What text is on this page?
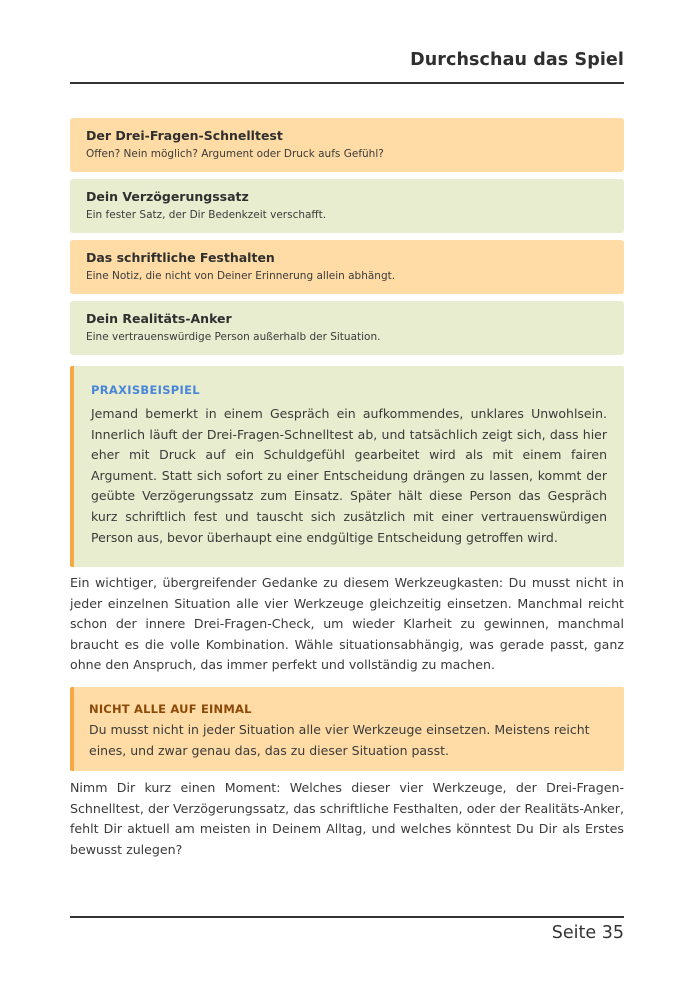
Durchschau das Spiel
Der Drei-Fragen-Schnelltest
Offen? Nein möglich? Argument oder Druck aufs Gefühl?
Dein Verzögerungssatz
Ein fester Satz, der Dir Bedenkzeit verschafft.
Das schriftliche Festhalten
Eine Notiz, die nicht von Deiner Erinnerung allein abhängt.
Dein Realitäts-Anker
Eine vertrauenswürdige Person außerhalb der Situation.
PRAXISBEISPIEL
Jemand bemerkt in einem Gespräch ein aufkommendes, unklares Unwohlsein. Innerlich läuft der Drei-Fragen-Schnelltest ab, und tatsächlich zeigt sich, dass hier eher mit Druck auf ein Schuldgefühl gearbeitet wird als mit einem fairen Argument. Statt sich sofort zu einer Entscheidung drängen zu lassen, kommt der geübte Verzögerungssatz zum Einsatz. Später hält diese Person das Gespräch kurz schriftlich fest und tauscht sich zusätzlich mit einer vertrauenswürdigen Person aus, bevor überhaupt eine endgültige Entscheidung getroffen wird.
Ein wichtiger, übergreifender Gedanke zu diesem Werkzeugkasten: Du musst nicht in jeder einzelnen Situation alle vier Werkzeuge gleichzeitig einsetzen. Manchmal reicht schon der innere Drei-Fragen-Check, um wieder Klarheit zu gewinnen, manchmal braucht es die volle Kombination. Wähle situationsabhängig, was gerade passt, ganz ohne den Anspruch, das immer perfekt und vollständig zu machen.
NICHT ALLE AUF EINMAL
Du musst nicht in jeder Situation alle vier Werkzeuge einsetzen. Meistens reicht eines, und zwar genau das, das zu dieser Situation passt.
Nimm Dir kurz einen Moment: Welches dieser vier Werkzeuge, der Drei-Fragen-Schnelltest, der Verzögerungssatz, das schriftliche Festhalten, oder der Realitäts-Anker, fehlt Dir aktuell am meisten in Deinem Alltag, und welches könntest Du Dir als Erstes bewusst zulegen?
Seite 35
